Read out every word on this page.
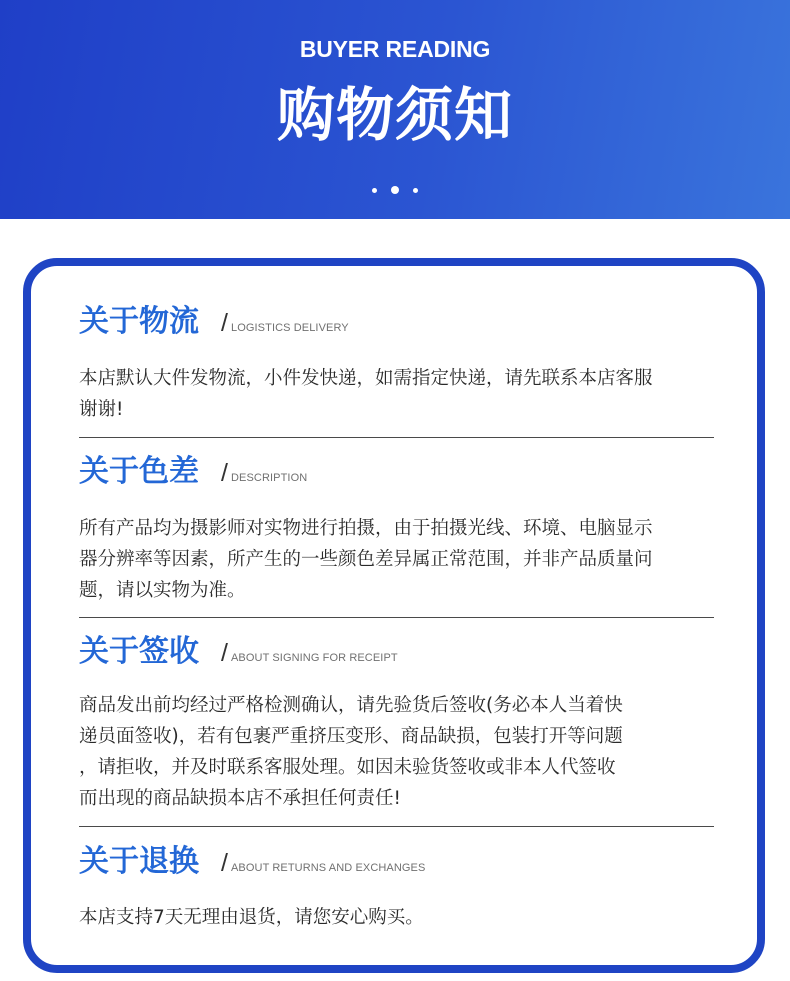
BUYER READING
购物须知
关于物流 / LOGISTICS DELIVERY
本店默认大件发物流，小件发快递，如需指定快递，请先联系本店客服
谢谢!
关于色差 / DESCRIPTION
所有产品均为摄影师对实物进行拍摄，由于拍摄光线、环境、电脑显示
器分辨率等因素，所产生的一些颜色差异属正常范围，并非产品质量问
题，请以实物为准。
关于签收 / ABOUT SIGNING FOR RECEIPT
商品发出前均经过严格检测确认，请先验货后签收(务必本人当着快
递员面签收)，若有包裹严重挤压变形、商品缺损，包装打开等问题
，请拒收，并及时联系客服处理。如因未验货签收或非本人代签收
而出现的商品缺损本店不承担任何责任!
关于退换 / ABOUT RETURNS AND EXCHANGES
本店支持7天无理由退货，请您安心购买。
